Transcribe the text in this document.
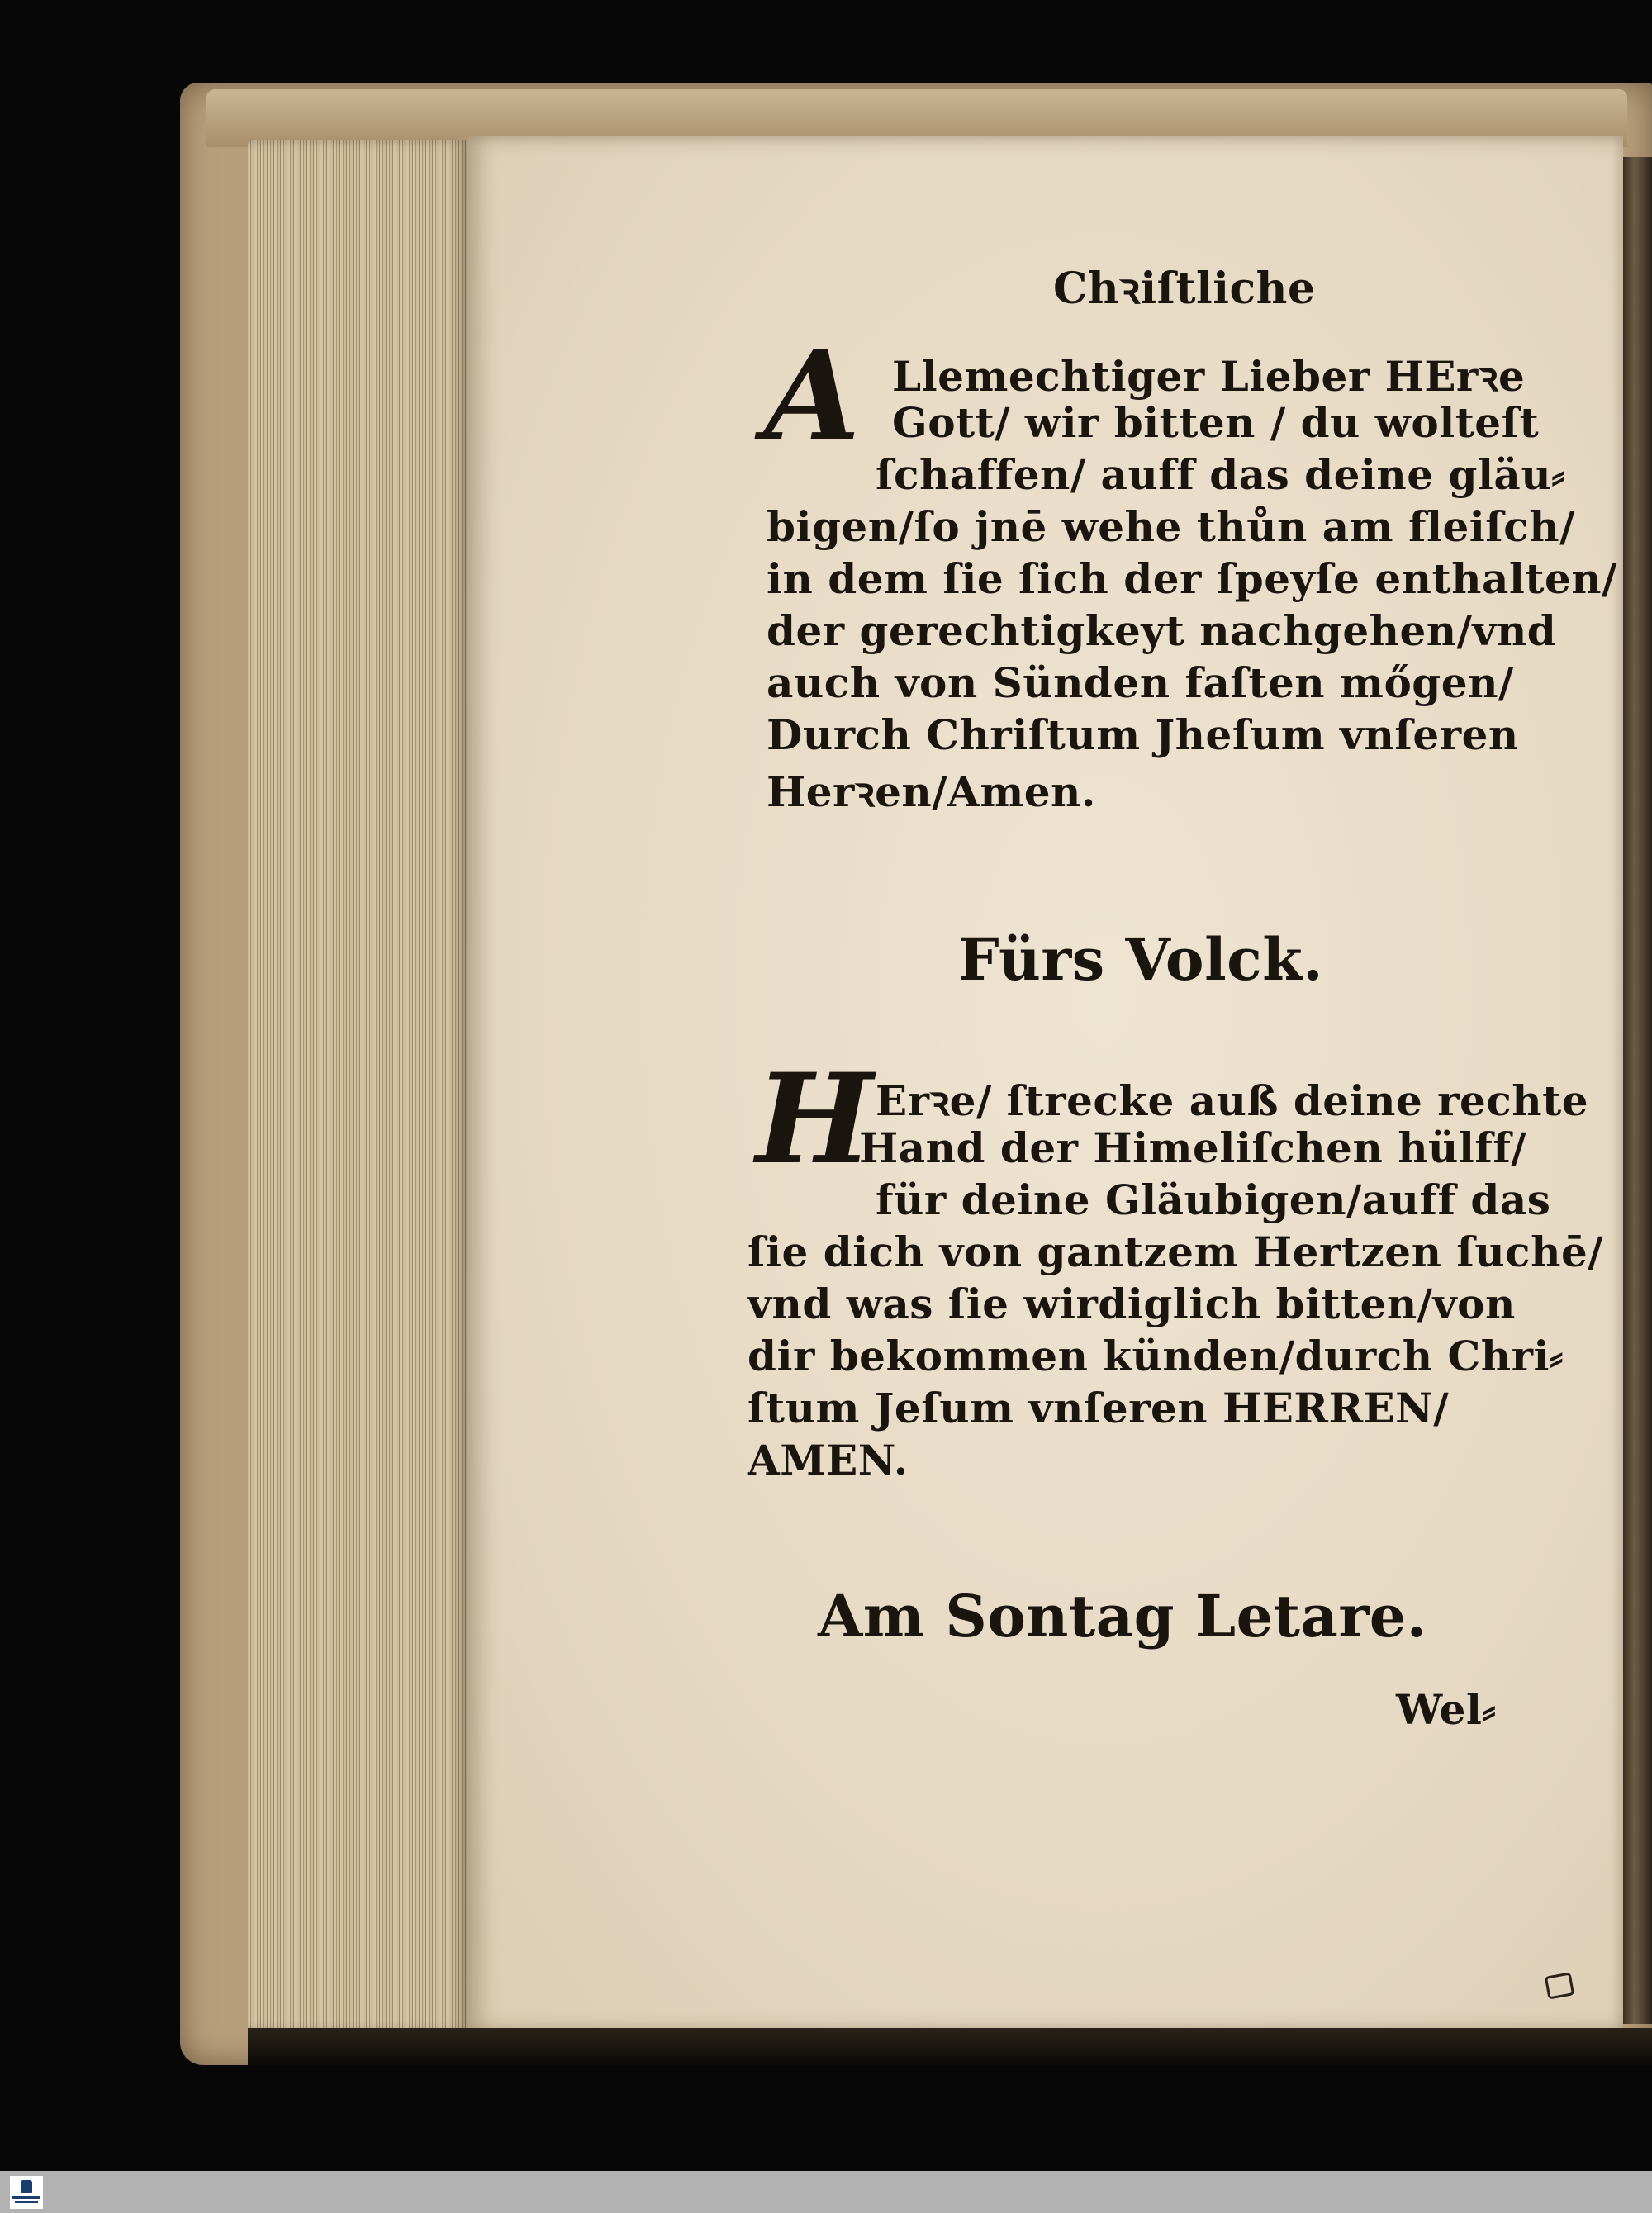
Chꝛiſtliche
A Llemechtiger Lieber HErꝛe
Gott/ wir bitten / du wolteſt
ſchaffen/ auff das deine gläu⸗
bigen/ſo jnē wehe thůn am fleiſch/
in dem ſie ſich der ſpeyſe enthalten/
der gerechtigkeyt nachgehen/vnd
auch von Sünden faſten mőgen/
Durch Chriſtum Jheſum vnſeren
Herꝛen/Amen.
Fürs Volck.
H Erꝛe/ ſtrecke auß deine rechte
Hand der Himeliſchen hülff/
für deine Gläubigen/auff das
ſie dich von gantzem Hertzen ſuchē/
vnd was ſie wirdiglich bitten/von
dir bekommen künden/durch Chri⸗
ſtum Jeſum vnſeren HERREN/
AMEN.
Am Sontag Letare.
Wel⸗
